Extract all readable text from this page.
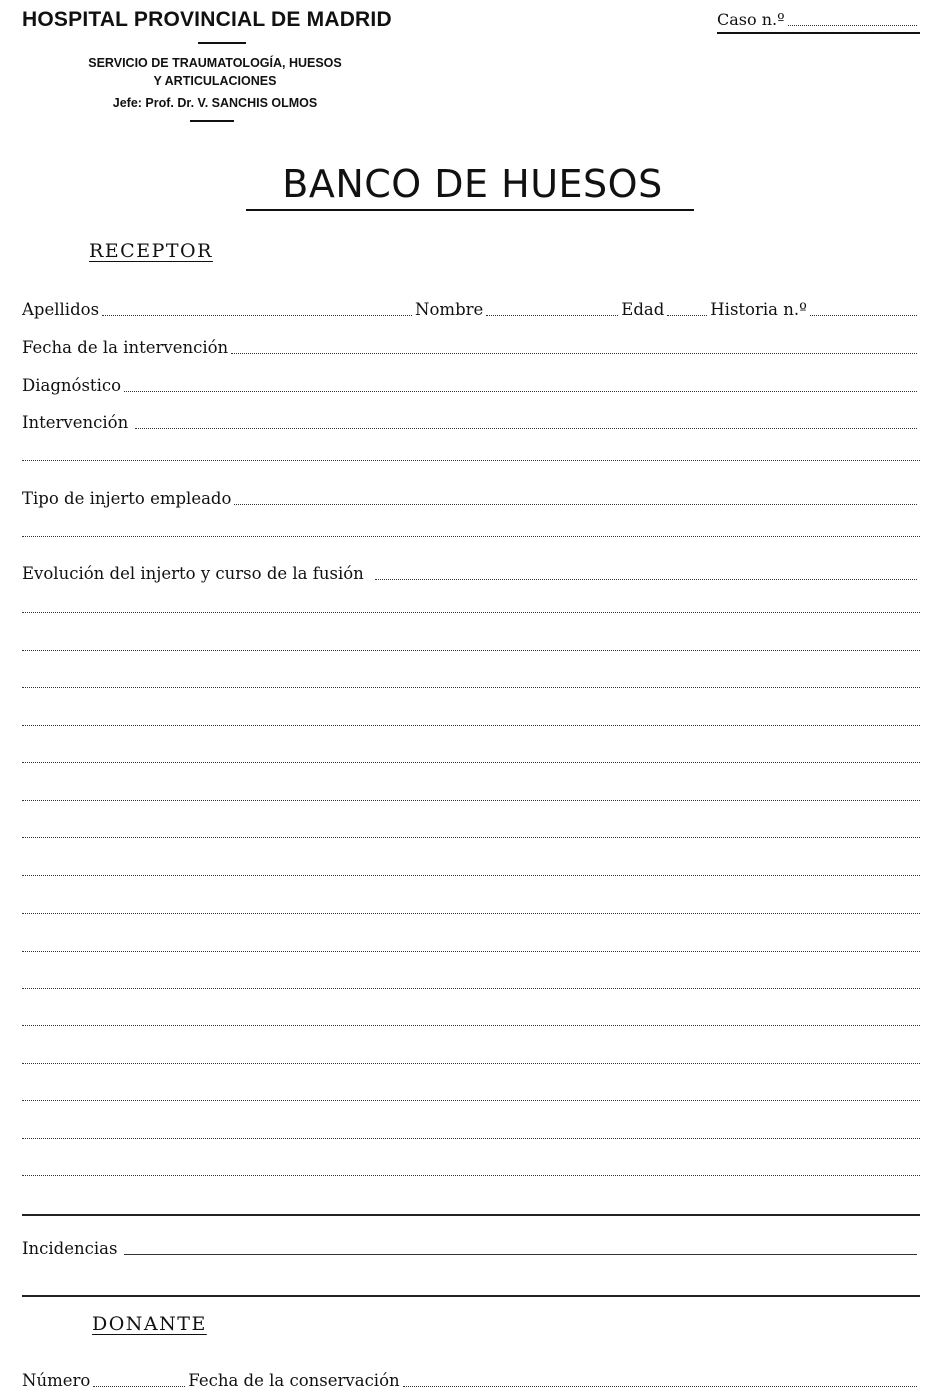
HOSPITAL PROVINCIAL DE MADRID
SERVICIO DE TRAUMATOLOGÍA, HUESOS
Y ARTICULACIONES
Jefe: Prof. Dr. V. SANCHIS OLMOS
Caso n.º
BANCO DE HUESOS
RECEPTOR
Apellidos	Nombre	Edad	Historia n.º
Fecha de la intervención
Diagnóstico
Intervención
Tipo de injerto empleado
Evolución del injerto y curso de la fusión
Incidencias
DONANTE
Número	Fecha de la conservación
